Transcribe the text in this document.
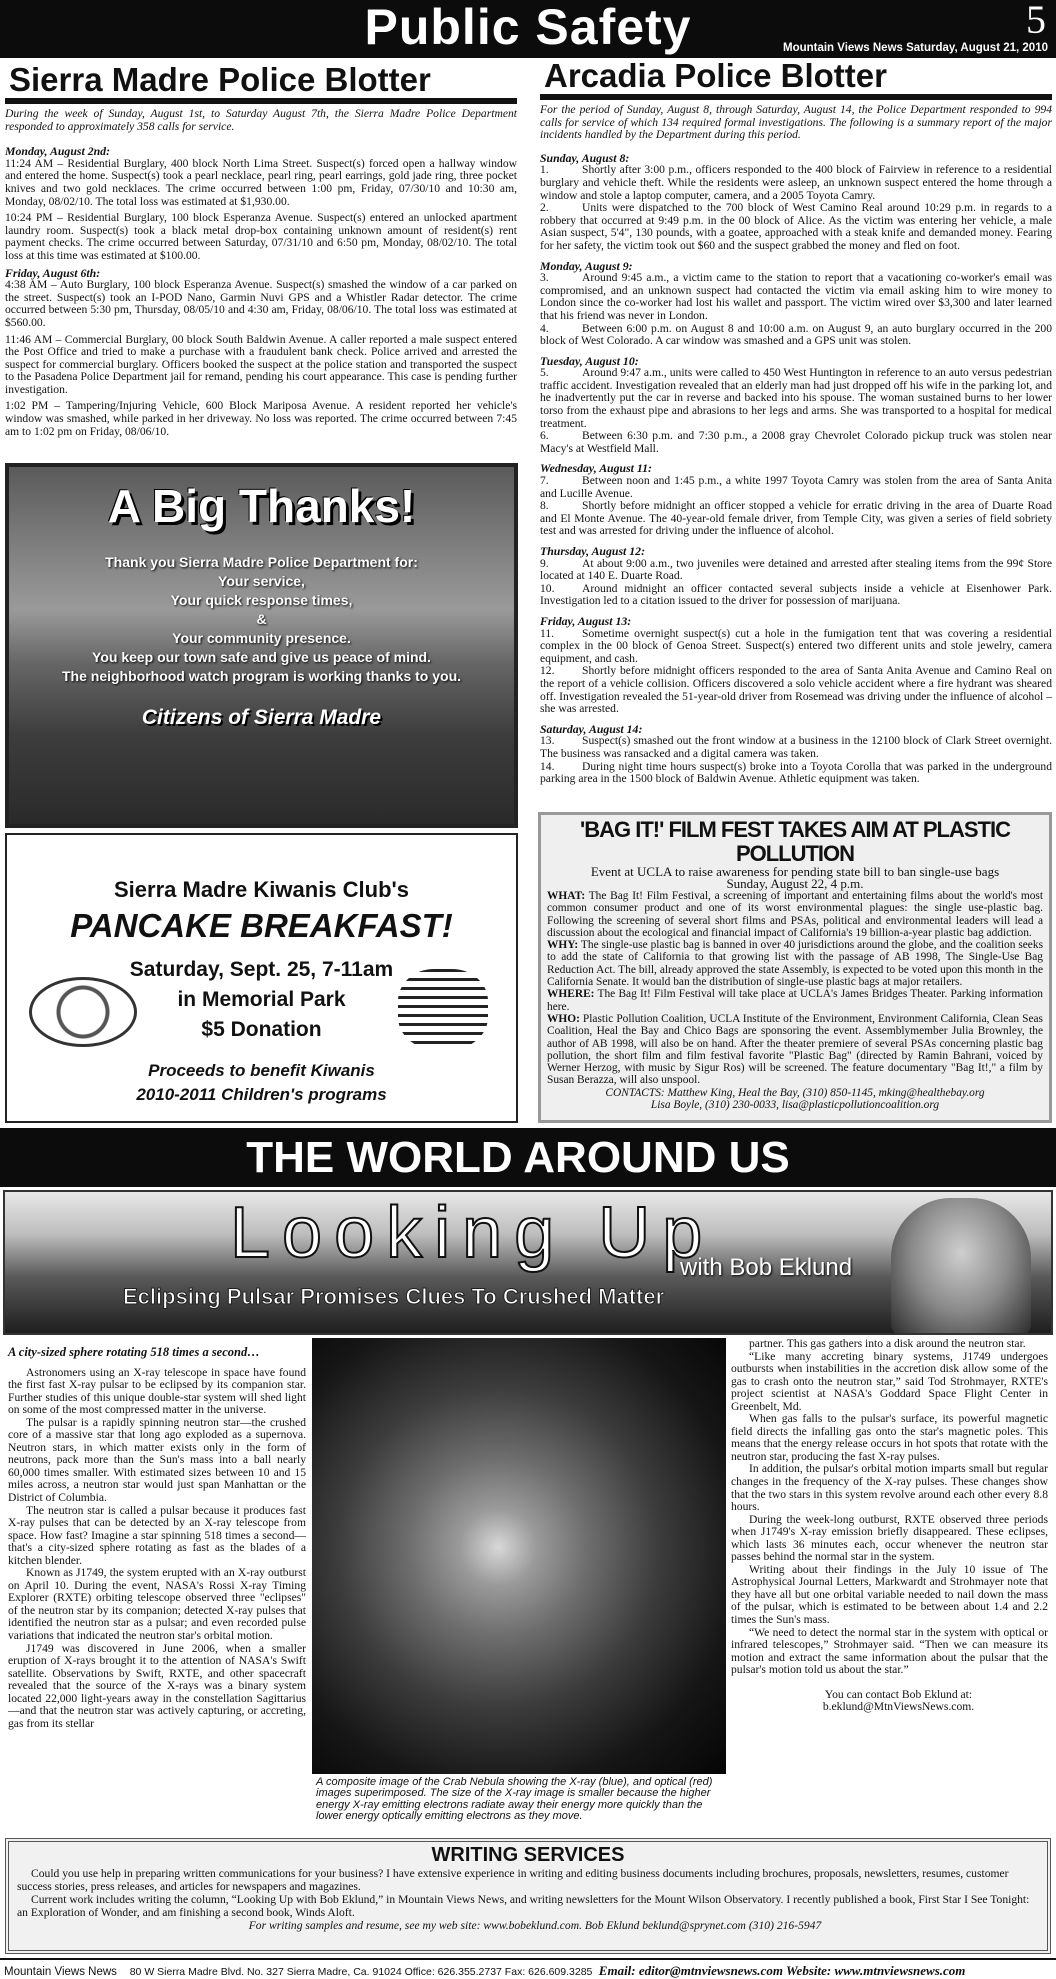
Public Safety	5
Mountain Views News Saturday, August 21, 2010
Sierra Madre Police Blotter

During the week of Sunday, August 1st, to Saturday August 7th, the Sierra Madre Police Department responded to approximately 358 calls for service.

Monday, August 2nd:

11:24 AM – Residential Burglary, 400 block North Lima Street. Suspect(s) forced open a hallway window and entered the home. Suspect(s) took a pearl necklace, pearl ring, pearl earrings, gold jade ring, three pocket knives and two gold necklaces. The crime occurred between 1:00 pm, Friday, 07/30/10 and 10:30 am, Monday, 08/02/10. The total loss was estimated at $1,930.00.

10:24 PM – Residential Burglary, 100 block Esperanza Avenue. Suspect(s) entered an unlocked apartment laundry room. Suspect(s) took a black metal drop-box containing unknown amount of resident(s) rent payment checks. The crime occurred between Saturday, 07/31/10 and 6:50 pm, Monday, 08/02/10. The total loss at this time was estimated at $100.00.

Friday, August 6th:

4:38 AM – Auto Burglary, 100 block Esperanza Avenue. Suspect(s) smashed the window of a car parked on the street. Suspect(s) took an I-POD Nano, Garmin Nuvi GPS and a Whistler Radar detector. The crime occurred between 5:30 pm, Thursday, 08/05/10 and 4:30 am, Friday, 08/06/10. The total loss was estimated at $560.00.

11:46 AM – Commercial Burglary, 00 block South Baldwin Avenue. A caller reported a male suspect entered the Post Office and tried to make a purchase with a fraudulent bank check. Police arrived and arrested the suspect for commercial burglary. Officers booked the suspect at the police station and transported the suspect to the Pasadena Police Department jail for remand, pending his court appearance. This case is pending further investigation.

1:02 PM – Tampering/Injuring Vehicle, 600 Block Mariposa Avenue. A resident reported her vehicle's window was smashed, while parked in her driveway. No loss was reported. The crime occurred between 7:45 am to 1:02 pm on Friday, 08/06/10.

Arcadia Police Blotter

For the period of Sunday, August 8, through Saturday, August 14, the Police Department responded to 994 calls for service of which 134 required formal investigations. The following is a summary report of the major incidents handled by the Department during this period.

Sunday, August 8:

1.	Shortly after 3:00 p.m., officers responded to the 400 block of Fairview in reference to a residential burglary and vehicle theft. While the residents were asleep, an unknown suspect entered the home through a window and stole a laptop computer, camera, and a 2005 Toyota Camry.

2.	Units were dispatched to the 700 block of West Camino Real around 10:29 p.m. in regards to a robbery that occurred at 9:49 p.m. in the 00 block of Alice. As the victim was entering her vehicle, a male Asian suspect, 5'4", 130 pounds, with a goatee, approached with a steak knife and demanded money. Fearing for her safety, the victim took out $60 and the suspect grabbed the money and fled on foot.

Monday, August 9:

3.	Around 9:45 a.m., a victim came to the station to report that a vacationing co-worker's email was compromised, and an unknown suspect had contacted the victim via email asking him to wire money to London since the co-worker had lost his wallet and passport. The victim wired over $3,300 and later learned that his friend was never in London.

4.	Between 6:00 p.m. on August 8 and 10:00 a.m. on August 9, an auto burglary occurred in the 200 block of West Colorado. A car window was smashed and a GPS unit was stolen.

Tuesday, August 10:

5.	Around 9:47 a.m., units were called to 450 West Huntington in reference to an auto versus pedestrian traffic accident. Investigation revealed that an elderly man had just dropped off his wife in the parking lot, and he inadvertently put the car in reverse and backed into his spouse. The woman sustained burns to her lower torso from the exhaust pipe and abrasions to her legs and arms. She was transported to a hospital for medical treatment.

6.	Between 6:30 p.m. and 7:30 p.m., a 2008 gray Chevrolet Colorado pickup truck was stolen near Macy's at Westfield Mall.

Wednesday, August 11:

7.	Between noon and 1:45 p.m., a white 1997 Toyota Camry was stolen from the area of Santa Anita and Lucille Avenue.

8.	Shortly before midnight an officer stopped a vehicle for erratic driving in the area of Duarte Road and El Monte Avenue. The 40-year-old female driver, from Temple City, was given a series of field sobriety test and was arrested for driving under the influence of alcohol.

Thursday, August 12:

9.	At about 9:00 a.m., two juveniles were detained and arrested after stealing items from the 99¢ Store located at 140 E. Duarte Road.

10. Around midnight an officer contacted several subjects inside a vehicle at Eisenhower Park. Investigation led to a citation issued to the driver for possession of marijuana.

Friday, August 13:

11. Sometime overnight suspect(s) cut a hole in the fumigation tent that was covering a residential complex in the 00 block of Genoa Street. Suspect(s) entered two different units and stole jewelry, camera equipment, and cash.

12. Shortly before midnight officers responded to the area of Santa Anita Avenue and Camino Real on the report of a vehicle collision. Officers discovered a solo vehicle accident where a fire hydrant was sheared off. Investigation revealed the 51-year-old driver from Rosemead was driving under the influence of alcohol – she was arrested.

Saturday, August 14:

13. Suspect(s) smashed out the front window at a business in the 12100 block of Clark Street overnight. The business was ransacked and a digital camera was taken.

14. During night time hours suspect(s) broke into a Toyota Corolla that was parked in the underground parking area in the 1500 block of Baldwin Avenue. Athletic equipment was taken.

A Big Thanks!

Thank you Sierra Madre Police Department for:

Your service,

Your quick response times,

&

Your community presence.

You keep our town safe and give us peace of mind.

The neighborhood watch program is working thanks to you.

Citizens of Sierra Madre
Sierra Madre Kiwanis Club's
PANCAKE BREAKFAST!
Saturday, Sept. 25, 7-11am
in Memorial Park
$5 Donation
Proceeds to benefit Kiwanis
2010-2011 Children's programs
'BAG IT!' FILM FEST TAKES AIM AT PLASTIC POLLUTION
Event at UCLA to raise awareness for pending state bill to ban single-use bags
Sunday, August 22, 4 p.m.

WHAT: The Bag It! Film Festival, a screening of important and entertaining films about the world's most common consumer product and one of its worst environmental plagues: the single use-plastic bag. Following the screening of several short films and PSAs, political and environmental leaders will lead a discussion about the ecological and financial impact of California's 19 billion-a-year plastic bag addiction.

WHY: The single-use plastic bag is banned in over 40 jurisdictions around the globe, and the coalition seeks to add the state of California to that growing list with the passage of AB 1998, The Single-Use Bag Reduction Act. The bill, already approved the state Assembly, is expected to be voted upon this month in the California Senate. It would ban the distribution of single-use plastic bags at major retailers.

WHERE: The Bag It! Film Festival will take place at UCLA's James Bridges Theater. Parking information here.

WHO: Plastic Pollution Coalition, UCLA Institute of the Environment, Environment California, Clean Seas Coalition, Heal the Bay and Chico Bags are sponsoring the event. Assemblymember Julia Brownley, the author of AB 1998, will also be on hand. After the theater premiere of several PSAs concerning plastic bag pollution, the short film and film festival favorite "Plastic Bag" (directed by Ramin Bahrani, voiced by Werner Herzog, with music by Sigur Ros) will be screened. The feature documentary "Bag It!," a film by Susan Berazza, will also unspool.

CONTACTS: Matthew King, Heal the Bay, (310) 850-1145, mking@healthebay.org

Lisa Boyle, (310) 230-0033, lisa@plasticpollutioncoalition.org

THE WORLD AROUND US
Looking Up
with Bob Eklund
Eclipsing Pulsar Promises Clues To Crushed Matter

A city-sized sphere rotating 518 times a second…

Astronomers using an X-ray telescope in space have found the first fast X-ray pulsar to be eclipsed by its companion star. Further studies of this unique double-star system will shed light on some of the most compressed matter in the universe.

The pulsar is a rapidly spinning neutron star—the crushed core of a massive star that long ago exploded as a supernova. Neutron stars, in which matter exists only in the form of neutrons, pack more than the Sun's mass into a ball nearly 60,000 times smaller. With estimated sizes between 10 and 15 miles across, a neutron star would just span Manhattan or the District of Columbia.

The neutron star is called a pulsar because it produces fast X-ray pulses that can be detected by an X-ray telescope from space. How fast? Imagine a star spinning 518 times a second—that's a city-sized sphere rotating as fast as the blades of a kitchen blender.

Known as J1749, the system erupted with an X-ray outburst on April 10. During the event, NASA's Rossi X-ray Timing Explorer (RXTE) orbiting telescope observed three "eclipses" of the neutron star by its companion; detected X-ray pulses that identified the neutron star as a pulsar; and even recorded pulse variations that indicated the neutron star's orbital motion.

J1749 was discovered in June 2006, when a smaller eruption of X-rays brought it to the attention of NASA's Swift satellite. Observations by Swift, RXTE, and other spacecraft revealed that the source of the X-rays was a binary system located 22,000 light-years away in the constellation Sagittarius—and that the neutron star was actively capturing, or accreting, gas from its stellar

A composite image of the Crab Nebula showing the X-ray (blue), and optical (red) images superimposed. The size of the X-ray image is smaller because the higher energy X-ray emitting electrons radiate away their energy more quickly than the lower energy optically emitting electrons as they move.

partner. This gas gathers into a disk around the neutron star.

“Like many accreting binary systems, J1749 undergoes outbursts when instabilities in the accretion disk allow some of the gas to crash onto the neutron star,” said Tod Strohmayer, RXTE's project scientist at NASA's Goddard Space Flight Center in Greenbelt, Md.

When gas falls to the pulsar's surface, its powerful magnetic field directs the infalling gas onto the star's magnetic poles. This means that the energy release occurs in hot spots that rotate with the neutron star, producing the fast X-ray pulses.

In addition, the pulsar's orbital motion imparts small but regular changes in the frequency of the X-ray pulses. These changes show that the two stars in this system revolve around each other every 8.8 hours.

During the week-long outburst, RXTE observed three periods when J1749's X-ray emission briefly disappeared. These eclipses, which lasts 36 minutes each, occur whenever the neutron star passes behind the normal star in the system.

Writing about their findings in the July 10 issue of The Astrophysical Journal Letters, Markwardt and Strohmayer note that they have all but one orbital variable needed to nail down the mass of the pulsar, which is estimated to be between about 1.4 and 2.2 times the Sun's mass.

“We need to detect the normal star in the system with optical or infrared telescopes,” Strohmayer said. “Then we can measure its motion and extract the same information about the pulsar that the pulsar's motion told us about the star.”

You can contact Bob Eklund at:

b.eklund@MtnViewsNews.com.

WRITING SERVICES

Could you use help in preparing written communications for your business? I have extensive experience in writing and editing business documents including brochures, proposals, newsletters, resumes, customer success stories, press releases, and articles for newspapers and magazines.

Current work includes writing the column, “Looking Up with Bob Eklund,” in Mountain Views News, and writing newsletters for the Mount Wilson Observatory. I recently published a book, First Star I See Tonight: an Exploration of Wonder, and am finishing a second book, Winds Aloft.

For writing samples and resume, see my web site: www.bobeklund.com. Bob Eklund beklund@sprynet.com (310) 216-5947

Mountain Views News 80 W Sierra Madre Blvd. No. 327 Sierra Madre, Ca. 91024 Office: 626.355.2737 Fax: 626.609.3285 Email: editor@mtnviewsnews.com Website: www.mtnviewsnews.com
